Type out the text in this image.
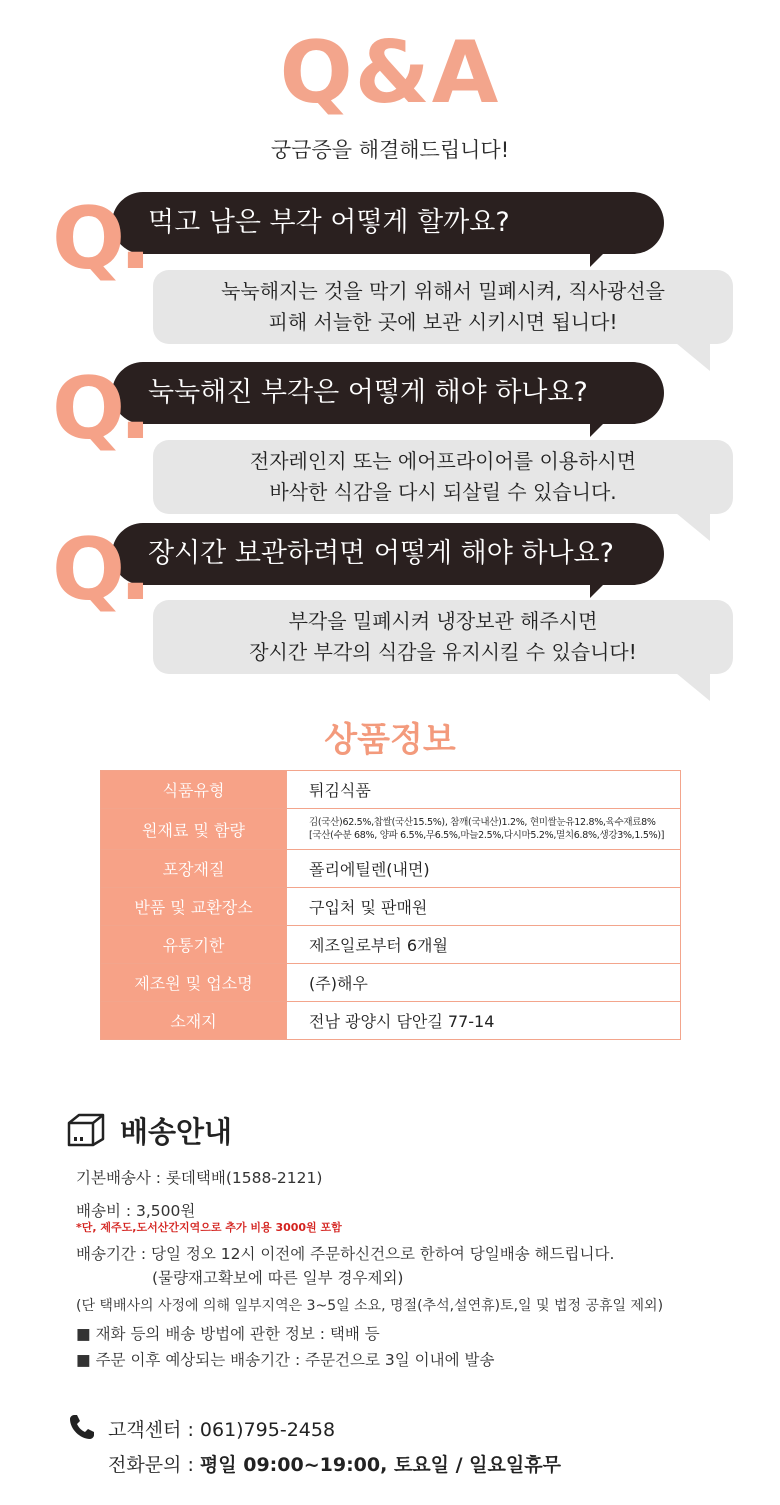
Q&A
궁금증을 해결해드립니다!
Q. 먹고 남은 부각 어떻게 할까요?
눅눅해지는 것을 막기 위해서 밀폐시켜, 직사광선을
피해 서늘한 곳에 보관 시키시면 됩니다!
Q. 눅눅해진 부각은 어떻게 해야 하나요?
전자레인지 또는 에어프라이어를 이용하시면
바삭한 식감을 다시 되살릴 수 있습니다.
Q. 장시간 보관하려면 어떻게 해야 하나요?
부각을 밀폐시켜 냉장보관 해주시면
장시간 부각의 식감을 유지시킬 수 있습니다!
상품정보
식품유형	튀김식품
원재료 및 함량	김(국산)62.5%,찹쌀(국산15.5%), 참깨(국내산)1.2%, 현미쌀눈유12.8%,육수재료8%
[국산(수분 68%, 양파 6.5%,무6.5%,마늘2.5%,다시마5.2%,멸치6.8%,생강3%,1.5%)]

포장재질	폴리에틸렌(내면)
반품 및 교환장소	구입처 및 판매원
유통기한	제조일로부터 6개월
제조원 및 업소명	(주)해우
소재지	전남 광양시 담안길 77-14
배송안내
기본배송사 : 롯데택배(1588-2121)
배송비 : 3,500원
*단, 제주도,도서산간지역으로 추가 비용 3000원 포함
배송기간 : 당일 정오 12시 이전에 주문하신건으로 한하여 당일배송 해드립니다.
(물량재고확보에 따른 일부 경우제외)
(단 택배사의 사정에 의해 일부지역은 3~5일 소요, 명절(추석,설연휴)토,일 및 법정 공휴일 제외)
■ 재화 등의 배송 방법에 관한 정보 : 택배 등
■ 주문 이후 예상되는 배송기간 : 주문건으로 3일 이내에 발송
고객센터 : 061)795-2458
전화문의 : 평일 09:00~19:00, 토요일 / 일요일휴무
